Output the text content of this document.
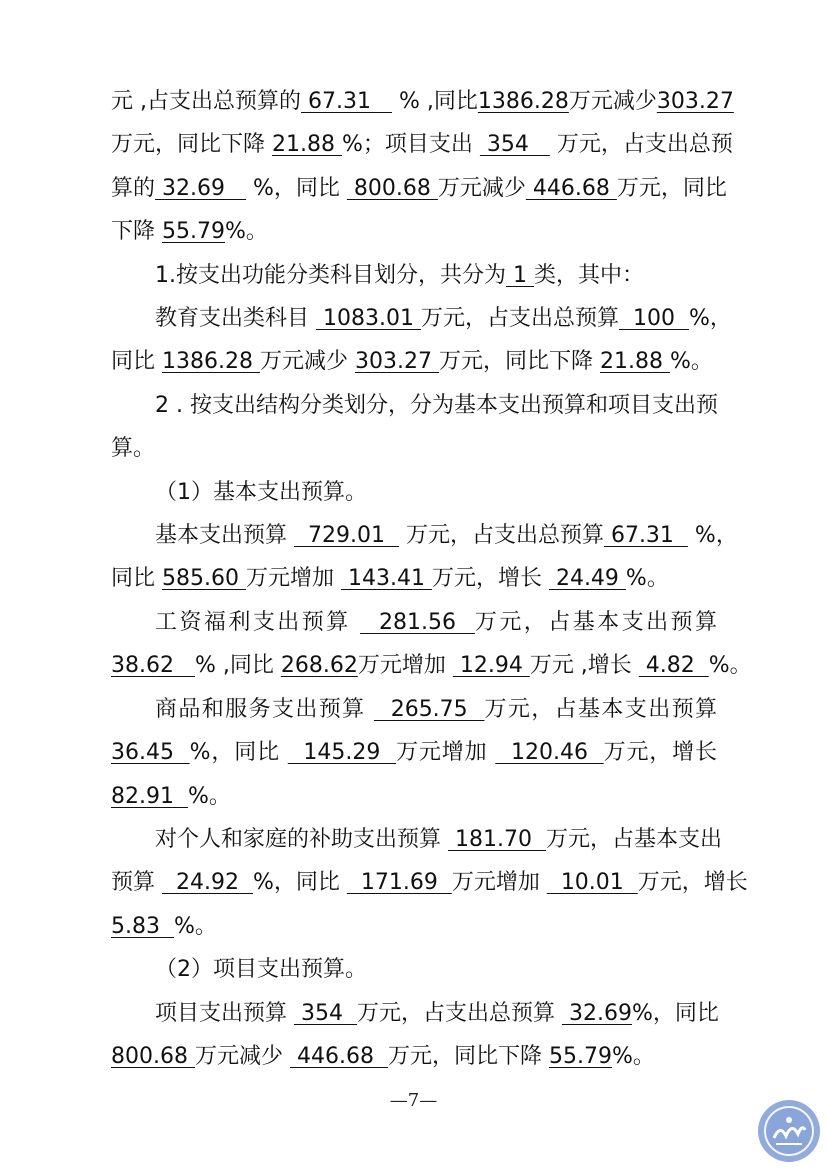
元 ,占支出总预算的 67.31    % ,同比1386.28万元减少303.27
万元，同比下降 21.88 %；项目支出  354    万元，占支出总预
算的 32.69    %，同比  800.68 万元减少 446.68 万元，同比
下降 55.79%。
1.按支出功能分类科目划分，共分为 1 类，其中：
教育支出类科目  1083.01 万元，占支出总预算  100  %，
同比 1386.28 万元减少 303.27 万元，同比下降 21.88 %。
2 . 按支出结构分类划分，分为基本支出预算和项目支出预
算。
（1）基本支出预算。
基本支出预算   729.01   万元，占支出总预算 67.31   %，
同比 585.60 万元增加  143.41 万元，增长  24.49 %。
工资福利支出预算   281.56  万元，占基本支出预算
38.62   % ,同比 268.62万元增加  12.94 万元 ,增长  4.82  %。
商品和服务支出预算   265.75  万元，占基本支出预算
36.45  %，同比   145.29  万元增加   120.46  万元，增长
82.91  %。
对个人和家庭的补助支出预算  181.70  万元，占基本支出
预算   24.92  %，同比   171.69  万元增加   10.01  万元，增长
5.83  %。
（2）项目支出预算。
项目支出预算  354  万元，占支出总预算  32.69%，同比
800.68 万元减少  446.68  万元，同比下降 55.79%。
—7—
